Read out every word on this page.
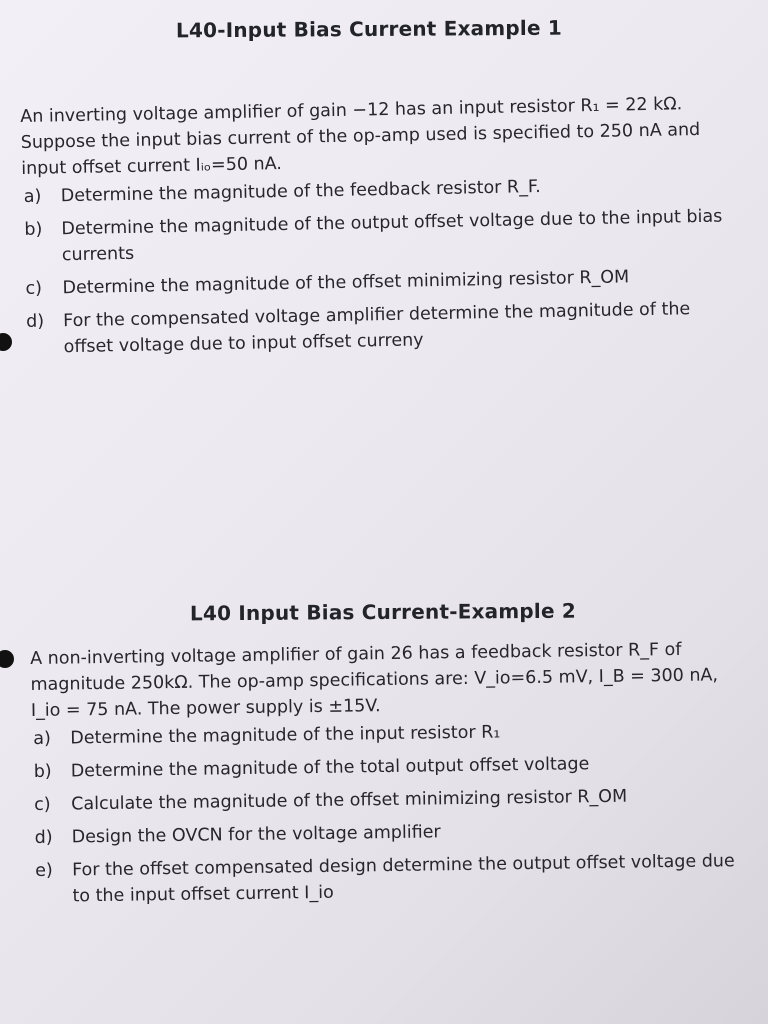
L40-Input Bias Current Example 1

An inverting voltage amplifier of gain −12 has an input resistor R₁ = 22 kΩ. Suppose the input bias current of the op-amp used is specified to 250 nA and input offset current Iᵢₒ=50 nA.

a)	Determine the magnitude of the feedback resistor R_F.
b)	Determine the magnitude of the output offset voltage due to the input bias currents
c)	Determine the magnitude of the offset minimizing resistor R_OM
d)	For the compensated voltage amplifier determine the magnitude of the offset voltage due to input offset curreny
L40 Input Bias Current-Example 2

A non-inverting voltage amplifier of gain 26 has a feedback resistor R_F of magnitude 250kΩ. The op-amp specifications are: V_io=6.5 mV, I_B = 300 nA, I_io = 75 nA. The power supply is ±15V.

a)	Determine the magnitude of the input resistor R₁
b)	Determine the magnitude of the total output offset voltage
c)	Calculate the magnitude of the offset minimizing resistor R_OM
d)	Design the OVCN for the voltage amplifier
e)	For the offset compensated design determine the output offset voltage due to the input offset current I_io
